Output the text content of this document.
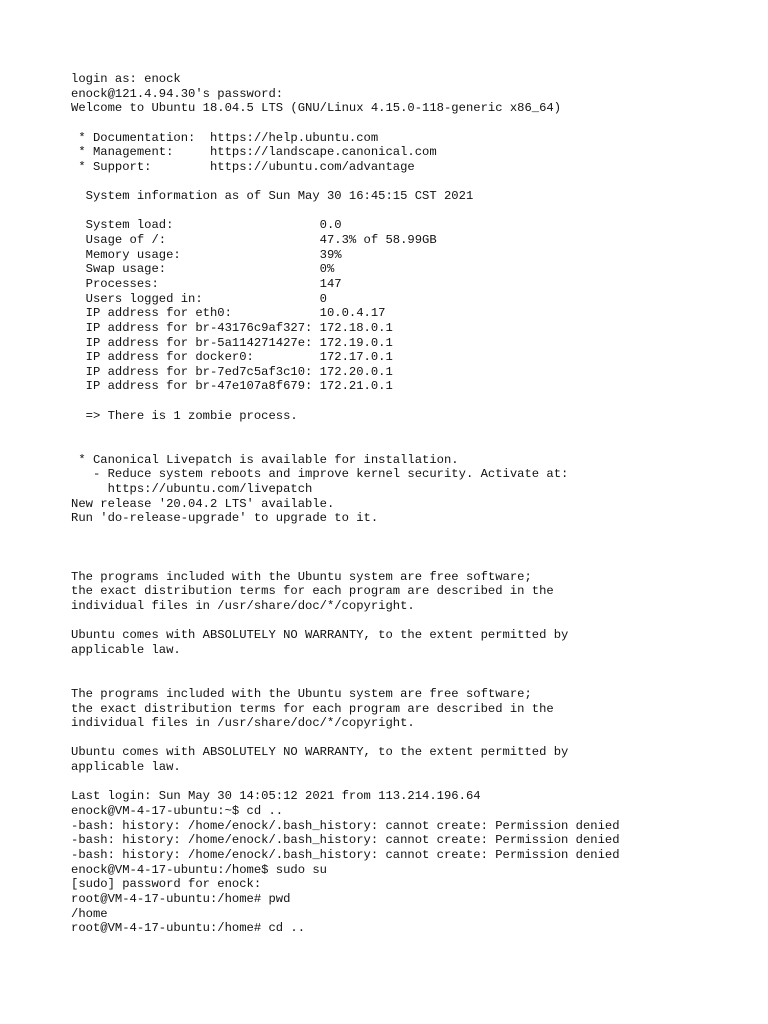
login as: enock
enock@121.4.94.30's password:
Welcome to Ubuntu 18.04.5 LTS (GNU/Linux 4.15.0-118-generic x86_64)

* Documentation:  https://help.ubuntu.com
* Management:     https://landscape.canonical.com
* Support:        https://ubuntu.com/advantage

System information as of Sun May 30 16:45:15 CST 2021

System load:                    0.0
Usage of /:                     47.3% of 58.99GB
Memory usage:                   39%
Swap usage:                     0%
Processes:                      147
Users logged in:                0
IP address for eth0:            10.0.4.17
IP address for br-43176c9af327: 172.18.0.1
IP address for br-5a114271427e: 172.19.0.1
IP address for docker0:         172.17.0.1
IP address for br-7ed7c5af3c10: 172.20.0.1
IP address for br-47e107a8f679: 172.21.0.1

=> There is 1 zombie process.

* Canonical Livepatch is available for installation.
- Reduce system reboots and improve kernel security. Activate at:
https://ubuntu.com/livepatch
New release '20.04.2 LTS' available.
Run 'do-release-upgrade' to upgrade to it.

The programs included with the Ubuntu system are free software;
the exact distribution terms for each program are described in the
individual files in /usr/share/doc/*/copyright.

Ubuntu comes with ABSOLUTELY NO WARRANTY, to the extent permitted by
applicable law.

The programs included with the Ubuntu system are free software;
the exact distribution terms for each program are described in the
individual files in /usr/share/doc/*/copyright.

Ubuntu comes with ABSOLUTELY NO WARRANTY, to the extent permitted by
applicable law.

Last login: Sun May 30 14:05:12 2021 from 113.214.196.64
enock@VM-4-17-ubuntu:~$ cd ..
-bash: history: /home/enock/.bash_history: cannot create: Permission denied
-bash: history: /home/enock/.bash_history: cannot create: Permission denied
-bash: history: /home/enock/.bash_history: cannot create: Permission denied
enock@VM-4-17-ubuntu:/home$ sudo su
[sudo] password for enock:
root@VM-4-17-ubuntu:/home# pwd
/home
root@VM-4-17-ubuntu:/home# cd ..
